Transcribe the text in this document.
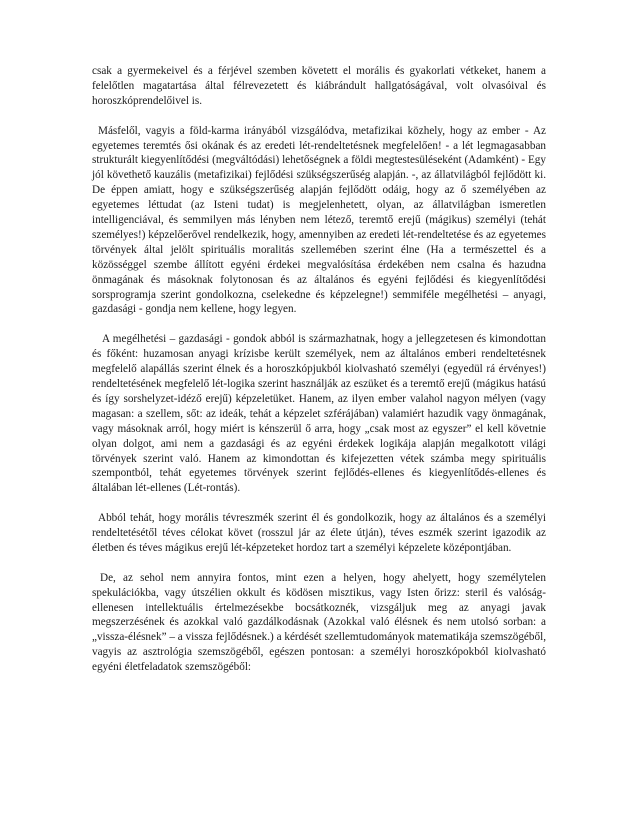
csak a gyermekeivel és a férjével szemben követett el morális és gyakorlati vétkeket, hanem a felelőtlen magatartása által félrevezetett és kiábrándult hallgatóságával, volt olvasóival és horoszkóprendelőivel is.

Másfelől, vagyis a föld-karma irányából vizsgálódva, metafizikai közhely, hogy az ember - Az egyetemes teremtés ősi okának és az eredeti lét-rendeltetésnek megfelelően! - a lét legmagasabban strukturált kiegyenlítődési (megváltódási) lehetőségnek a földi megtestesüléseként (Adamként) - Egy jól követhető kauzális (metafizikai) fejlődési szükségszerűség alapján. -, az állatvilágból fejlődött ki. De éppen amiatt, hogy e szükségszerűség alapján fejlődött odáig, hogy az ő személyében az egyetemes léttudat (az Isteni tudat) is megjelenhetett, olyan, az állatvilágban ismeretlen intelligenciával, és semmilyen más lényben nem létező, teremtő erejű (mágikus) személyi (tehát személyes!) képzelőerővel rendelkezik, hogy, amennyiben az eredeti lét-rendeltetése és az egyetemes törvények által jelölt spirituális moralitás szellemében szerint élne (Ha a természettel és a közösséggel szembe állított egyéni érdekei megvalósítása érdekében nem csalna és hazudna önmagának és másoknak folytonosan és az általános és egyéni fejlődési és kiegyenlítődési sorsprogramja szerint gondolkozna, cselekedne és képzelegne!) semmiféle megélhetési – anyagi, gazdasági - gondja nem kellene, hogy legyen.

A megélhetési – gazdasági - gondok abból is származhatnak, hogy a jellegzetesen és kimondottan és főként: huzamosan anyagi krízisbe került személyek, nem az általános emberi rendeltetésnek megfelelő alapállás szerint élnek és a horoszkópjukból kiolvasható személyi (egyedül rá érvényes!) rendeltetésének megfelelő lét-logika szerint használják az eszüket és a teremtő erejű (mágikus hatású és így sorshelyzet-idéző erejű) képzeletüket. Hanem, az ilyen ember valahol nagyon mélyen (vagy magasan: a szellem, sőt: az ideák, tehát a képzelet szférájában) valamiért hazudik vagy önmagának, vagy másoknak arról, hogy miért is kénszerül ő arra, hogy „csak most az egyszer” el kell követnie olyan dolgot, ami nem a gazdasági és az egyéni érdekek logikája alapján megalkotott világi törvények szerint való. Hanem az kimondottan és kifejezetten vétek számba megy spirituális szempontból, tehát egyetemes törvények szerint fejlődés-ellenes és kiegyenlítődés-ellenes és általában lét-ellenes (Lét-rontás).

Abból tehát, hogy morális tévreszmék szerint él és gondolkozik, hogy az általános és a személyi rendeltetésétől téves célokat követ (rosszul jár az élete útján), téves eszmék szerint igazodik az életben és téves mágikus erejű lét-képzeteket hordoz tart a személyi képzelete középontjában.

De, az sehol nem annyira fontos, mint ezen a helyen, hogy ahelyett, hogy személytelen spekulációkba, vagy útszélien okkult és ködösen misztikus, vagy Isten őrizz: steril és valóság-ellenesen intellektuális értelmezésekbe bocsátkoznék, vizsgáljuk meg az anyagi javak megszerzésének és azokkal való gazdálkodásnak (Azokkal való élésnek és nem utolsó sorban: a „vissza-élésnek” – a vissza fejlődésnek.) a kérdését szellemtudományok matematikája szemszögéből, vagyis az asztrológia szemszögéből, egészen pontosan: a személyi horoszkópokból kiolvasható egyéni életfeladatok szemszögéből:
